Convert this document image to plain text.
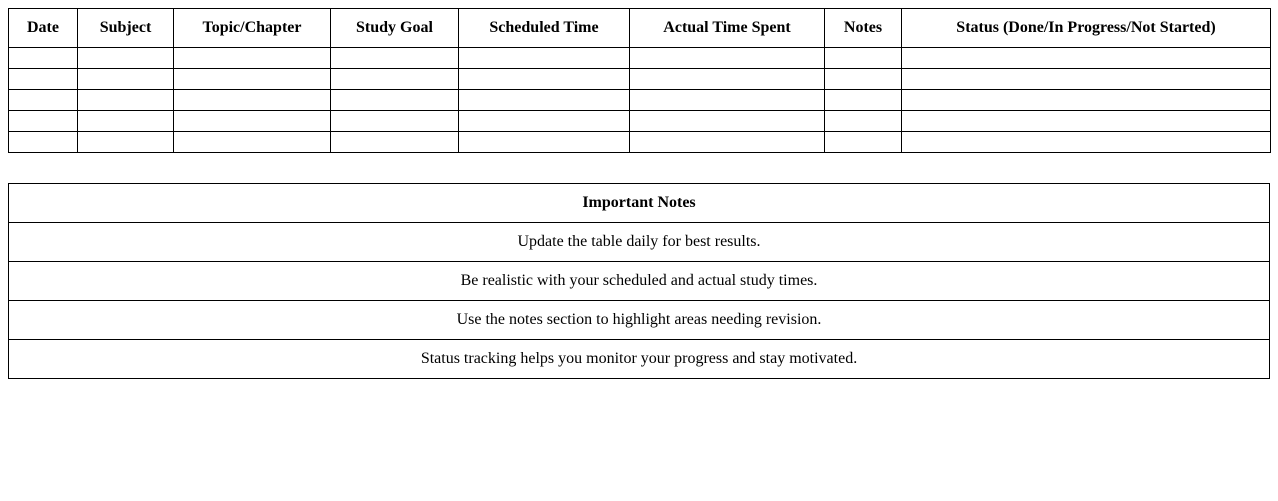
Date	Subject	Topic/Chapter	Study Goal	Scheduled Time	Actual Time Spent	Notes	Status (Done/In Progress/Not Started)

Important Notes
Update the table daily for best results.
Be realistic with your scheduled and actual study times.
Use the notes section to highlight areas needing revision.
Status tracking helps you monitor your progress and stay motivated.
